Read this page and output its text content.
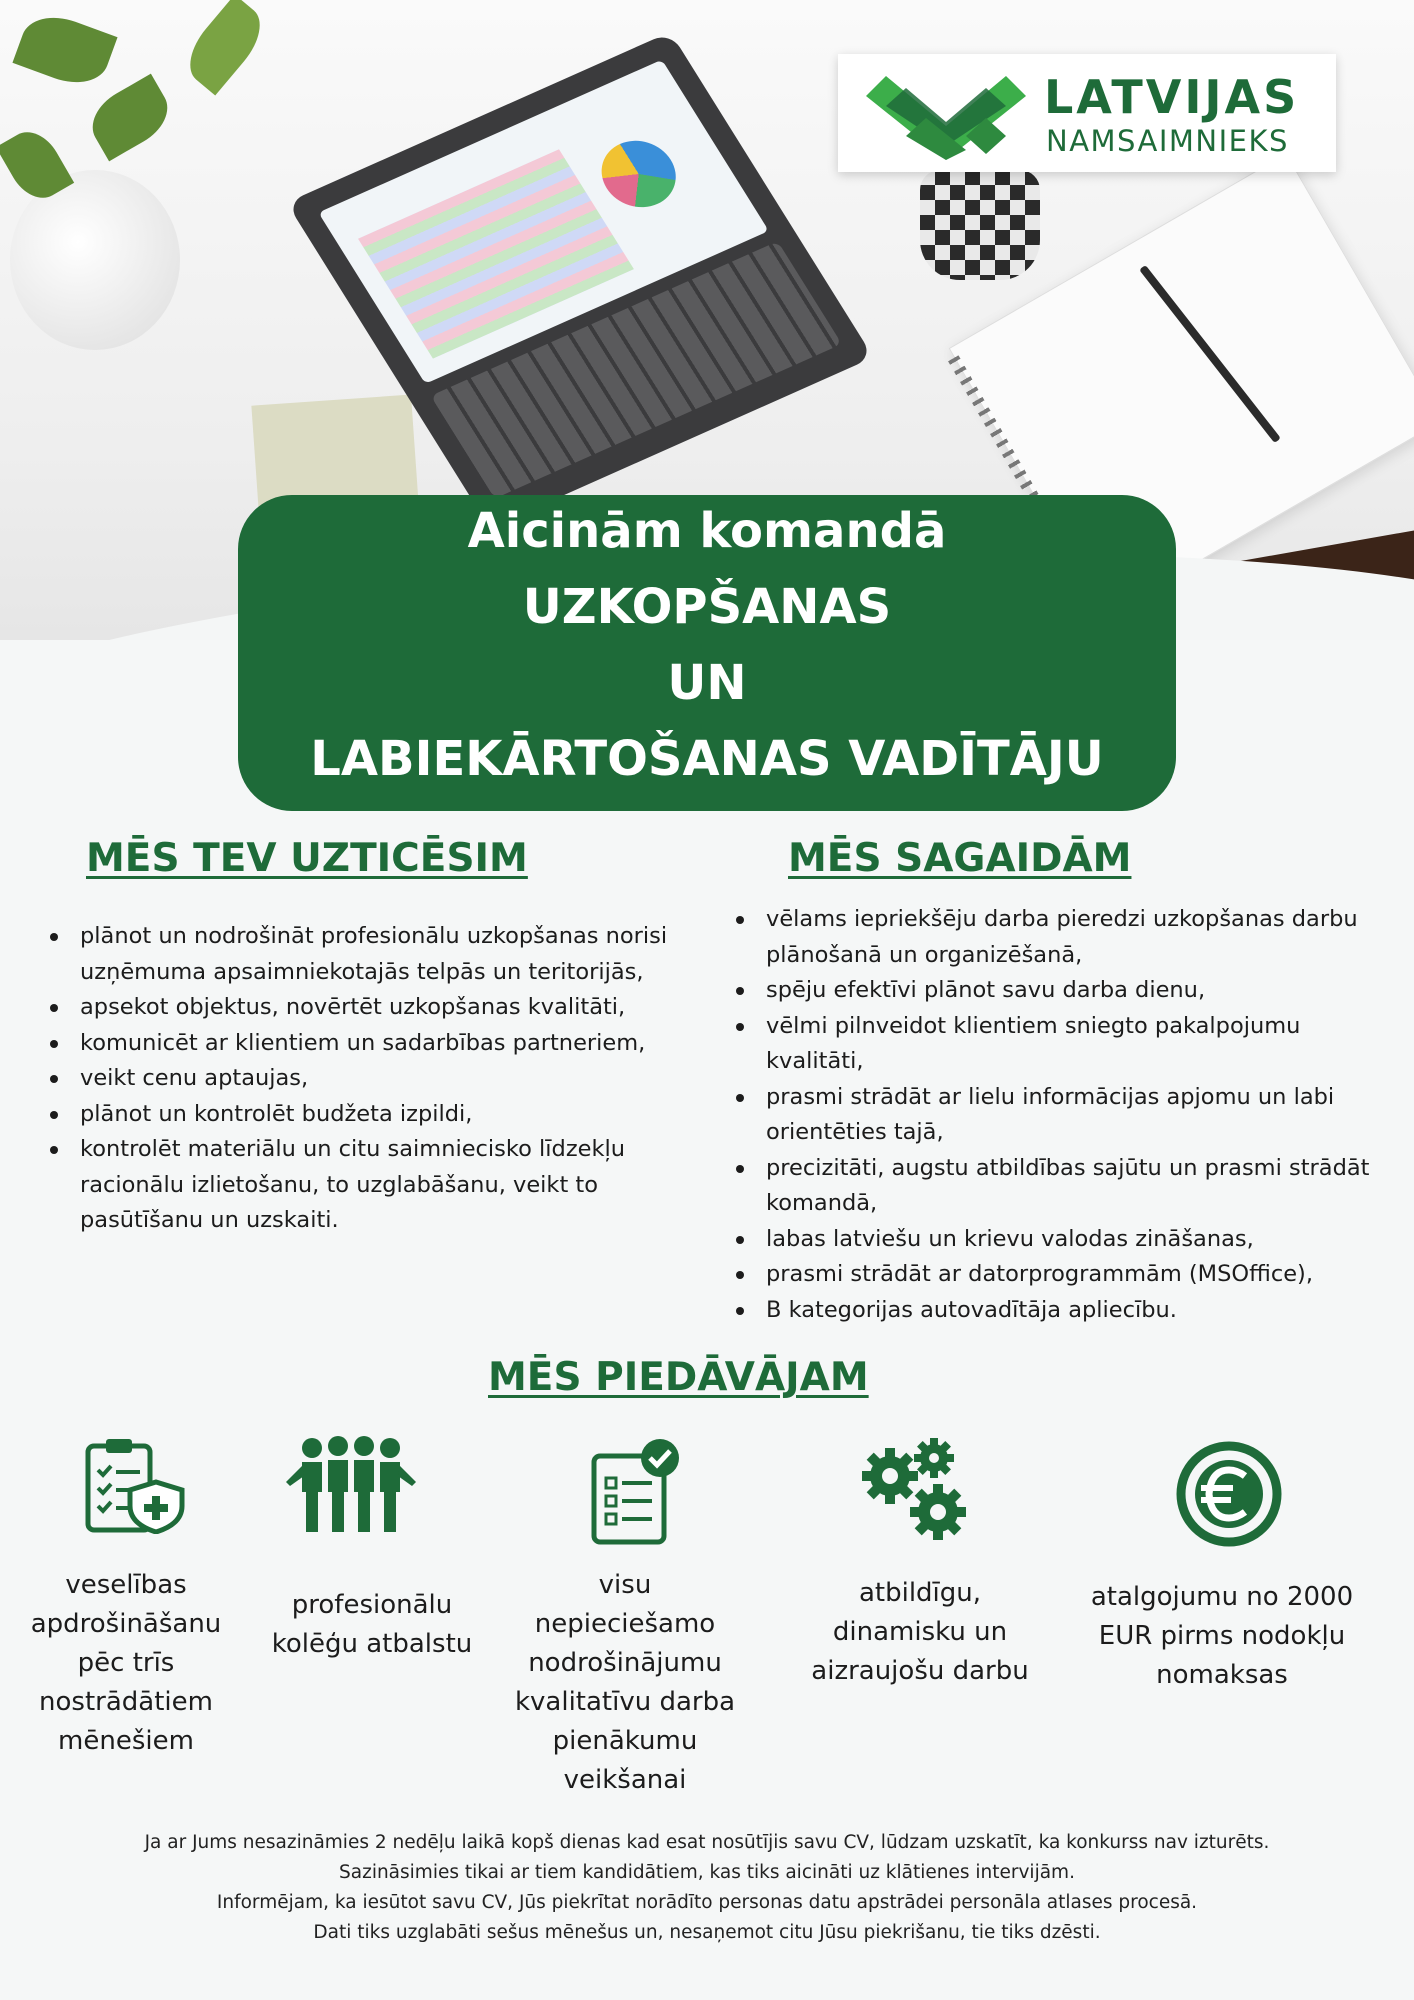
LATVIJAS
NAMSAIMNIEKS
Aicinām komandā
UZKOPŠANAS
UN
LABIEKĀRTOŠANAS VADĪTĀJU
MĒS TEV UZTICĒSIM
plānot un nodrošināt profesionālu uzkopšanas norisi uzņēmuma apsaimniekotajās telpās un teritorijās,
apsekot objektus, novērtēt uzkopšanas kvalitāti,
komunicēt ar klientiem un sadarbības partneriem,
veikt cenu aptaujas,
plānot un kontrolēt budžeta izpildi,
kontrolēt materiālu un citu saimniecisko līdzekļu racionālu izlietošanu, to uzglabāšanu, veikt to pasūtīšanu un uzskaiti.
MĒS SAGAIDĀM
vēlams iepriekšēju darba pieredzi uzkopšanas darbu plānošanā un organizēšanā,
spēju efektīvi plānot savu darba dienu,
vēlmi pilnveidot klientiem sniegto pakalpojumu kvalitāti,
prasmi strādāt ar lielu informācijas apjomu un labi orientēties tajā,
precizitāti, augstu atbildības sajūtu un prasmi strādāt komandā,
labas latviešu un krievu valodas zināšanas,
prasmi strādāt ar datorprogrammām (MSOffice),
B kategorijas autovadītāja apliecību.
MĒS PIEDĀVĀJAM
veselības apdrošināšanu pēc trīs nostrādātiem mēnešiem
profesionālu kolēģu atbalstu
visu nepieciešamo nodrošinājumu kvalitatīvu darba pienākumu veikšanai
atbildīgu, dinamisku un aizraujošu darbu
atalgojumu no 2000 EUR pirms nodokļu nomaksas
Ja ar Jums nesazināmies 2 nedēļu laikā kopš dienas kad esat nosūtījis savu CV, lūdzam uzskatīt, ka konkurss nav izturēts.
Sazināsimies tikai ar tiem kandidātiem, kas tiks aicināti uz klātienes intervijām.
Informējam, ka iesūtot savu CV, Jūs piekrītat norādīto personas datu apstrādei personāla atlases procesā.
Dati tiks uzglabāti sešus mēnešus un, nesaņemot citu Jūsu piekrišanu, tie tiks dzēsti.
